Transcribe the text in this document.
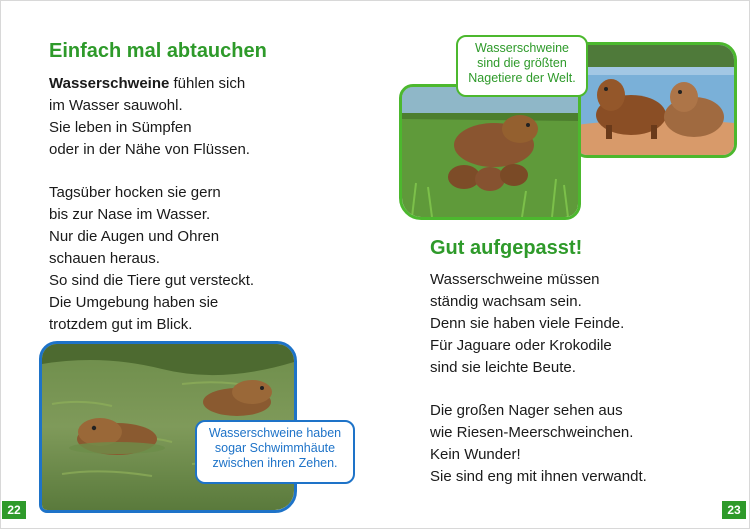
Einfach mal abtauchen
Wasserschweine fühlen sich
im Wasser sauwohl.
Sie leben in Sümpfen
oder in der Nähe von Flüssen.
Tagsüber hocken sie gern
bis zur Nase im Wasser.
Nur die Augen und Ohren
schauen heraus.
So sind die Tiere gut versteckt.
Die Umgebung haben sie
trotzdem gut im Blick.
Wasserschweine haben
sogar Schwimmhäute
zwischen ihren Zehen.
22
Wasserschweine
sind die größten
Nagetiere der Welt.
Gut aufgepasst!
Wasserschweine müssen
ständig wachsam sein.
Denn sie haben viele Feinde.
Für Jaguare oder Krokodile
sind sie leichte Beute.
Die großen Nager sehen aus
wie Riesen-Meerschweinchen.
Kein Wunder!
Sie sind eng mit ihnen verwandt.
23
